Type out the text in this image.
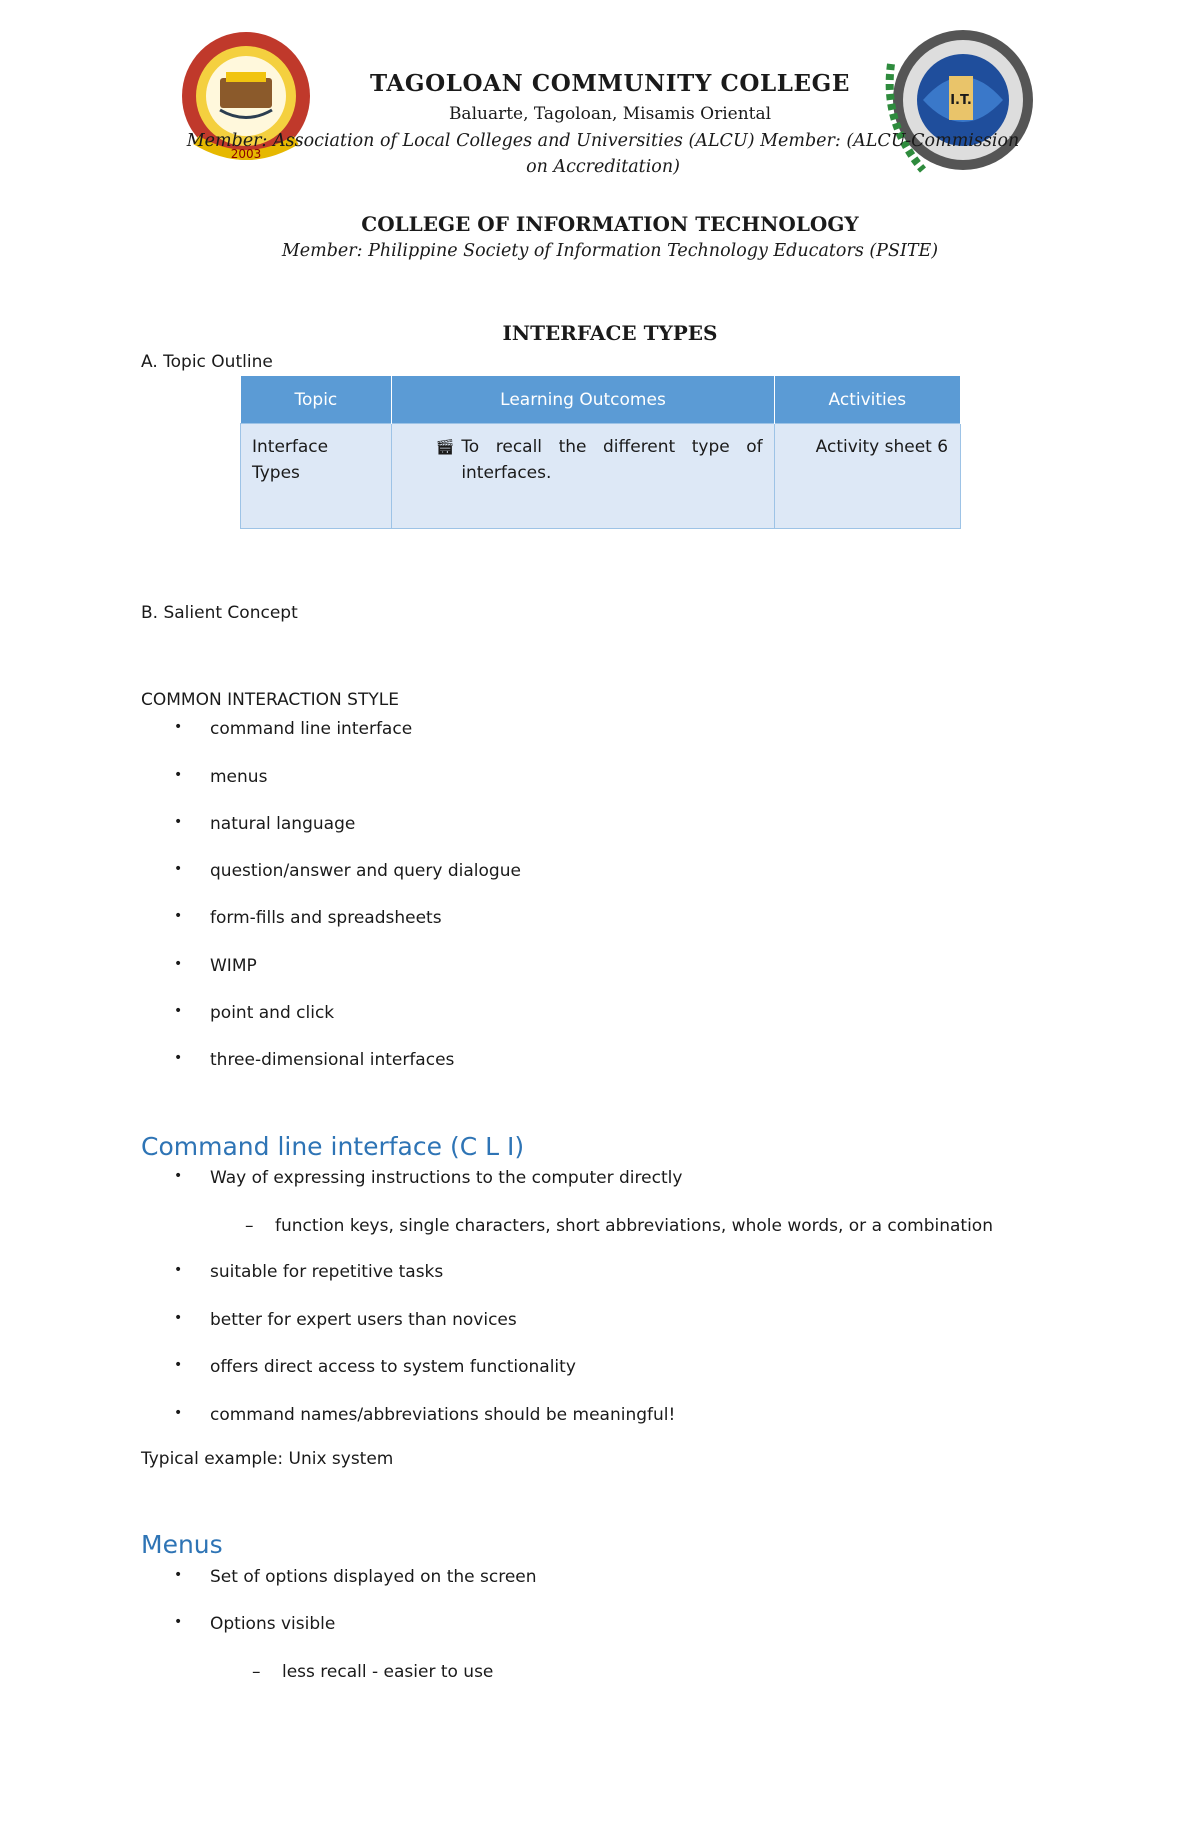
2003
I.T.
TAGOLOAN COMMUNITY COLLEGE
Baluarte, Tagoloan, Misamis Oriental
Member: Association of Local Colleges and Universities (ALCU) Member: (ALCU-Commission on Accreditation)
COLLEGE OF INFORMATION TECHNOLOGY
Member: Philippine Society of Information Technology Educators (PSITE)
INTERFACE TYPES
A. Topic Outline
Topic	Learning Outcomes	Activities
Interface Types	🎬︎ To recall the different type of interfaces.	Activity sheet 6
B. Salient Concept
COMMON INTERACTION STYLE
• command line interface
• menus
• natural language
• question/answer and query dialogue
• form-fills and spreadsheets
• WIMP
• point and click
• three-dimensional interfaces
Command line interface (C L I)
• Way of expressing instructions to the computer directly
• suitable for repetitive tasks
• better for expert users than novices
• offers direct access to system functionality
• command names/abbreviations should be meaningful!
– function keys, single characters, short abbreviations, whole words, or a combination
Typical example: Unix system
Menus
• Set of options displayed on the screen
• Options visible
– less recall - easier to use
